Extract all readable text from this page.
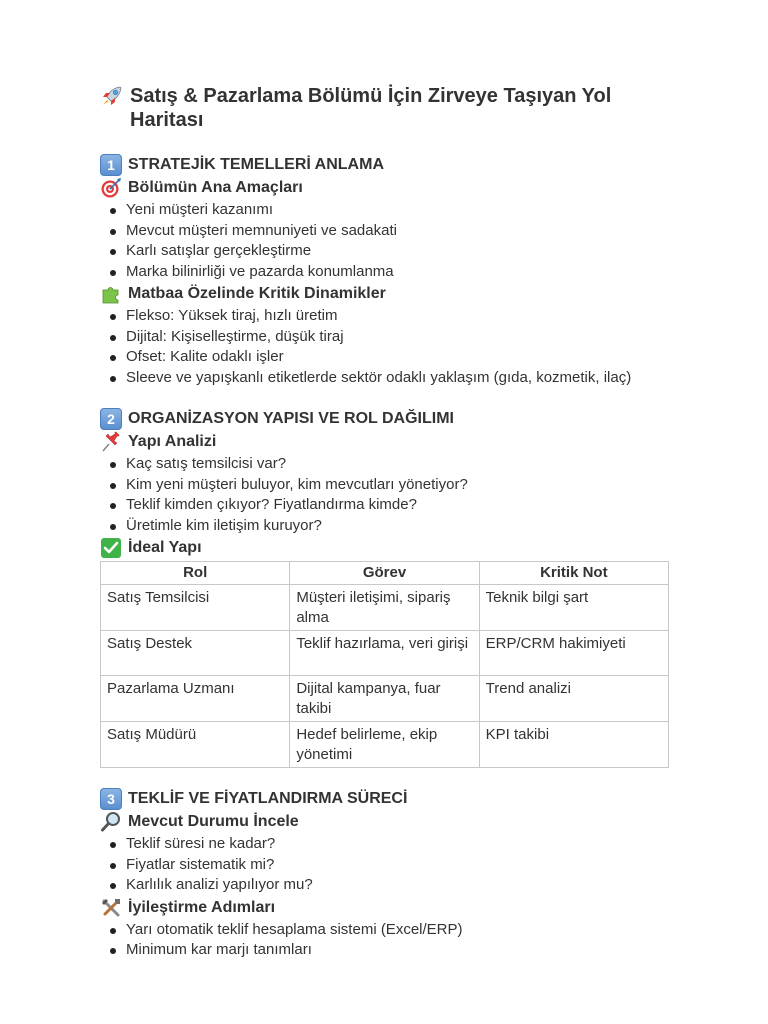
Satış & Pazarlama Bölümü İçin Zirveye Taşıyan Yol Haritası
1 STRATEJİK TEMELLERİ ANLAMA
Bölümün Ana Amaçları
Yeni müşteri kazanımı
Mevcut müşteri memnuniyeti ve sadakati
Karlı satışlar gerçekleştirme
Marka bilinirliği ve pazarda konumlanma
Matbaa Özelinde Kritik Dinamikler
Flekso: Yüksek tiraj, hızlı üretim
Dijital: Kişiselleştirme, düşük tiraj
Ofset: Kalite odaklı işler
Sleeve ve yapışkanlı etiketlerde sektör odaklı yaklaşım (gıda, kozmetik, ilaç)
2 ORGANİZASYON YAPISI VE ROL DAĞILIMI
Yapı Analizi
Kaç satış temsilcisi var?
Kim yeni müşteri buluyor, kim mevcutları yönetiyor?
Teklif kimden çıkıyor? Fiyatlandırma kimde?
Üretimle kim iletişim kuruyor?
İdeal Yapı
Rol	Görev	Kritik Not
Satış Temsilcisi	Müşteri iletişimi, sipariş alma	Teknik bilgi şart
Satış Destek	Teklif hazırlama, veri girişi	ERP/CRM hakimiyeti
Pazarlama Uzmanı	Dijital kampanya, fuar takibi	Trend analizi
Satış Müdürü	Hedef belirleme, ekip yönetimi	KPI takibi
3 TEKLİF VE FİYATLANDIRMA SÜRECİ
Mevcut Durumu İncele
Teklif süresi ne kadar?
Fiyatlar sistematik mi?
Karlılık analizi yapılıyor mu?
İyileştirme Adımları
Yarı otomatik teklif hesaplama sistemi (Excel/ERP)
Minimum kar marjı tanımları
